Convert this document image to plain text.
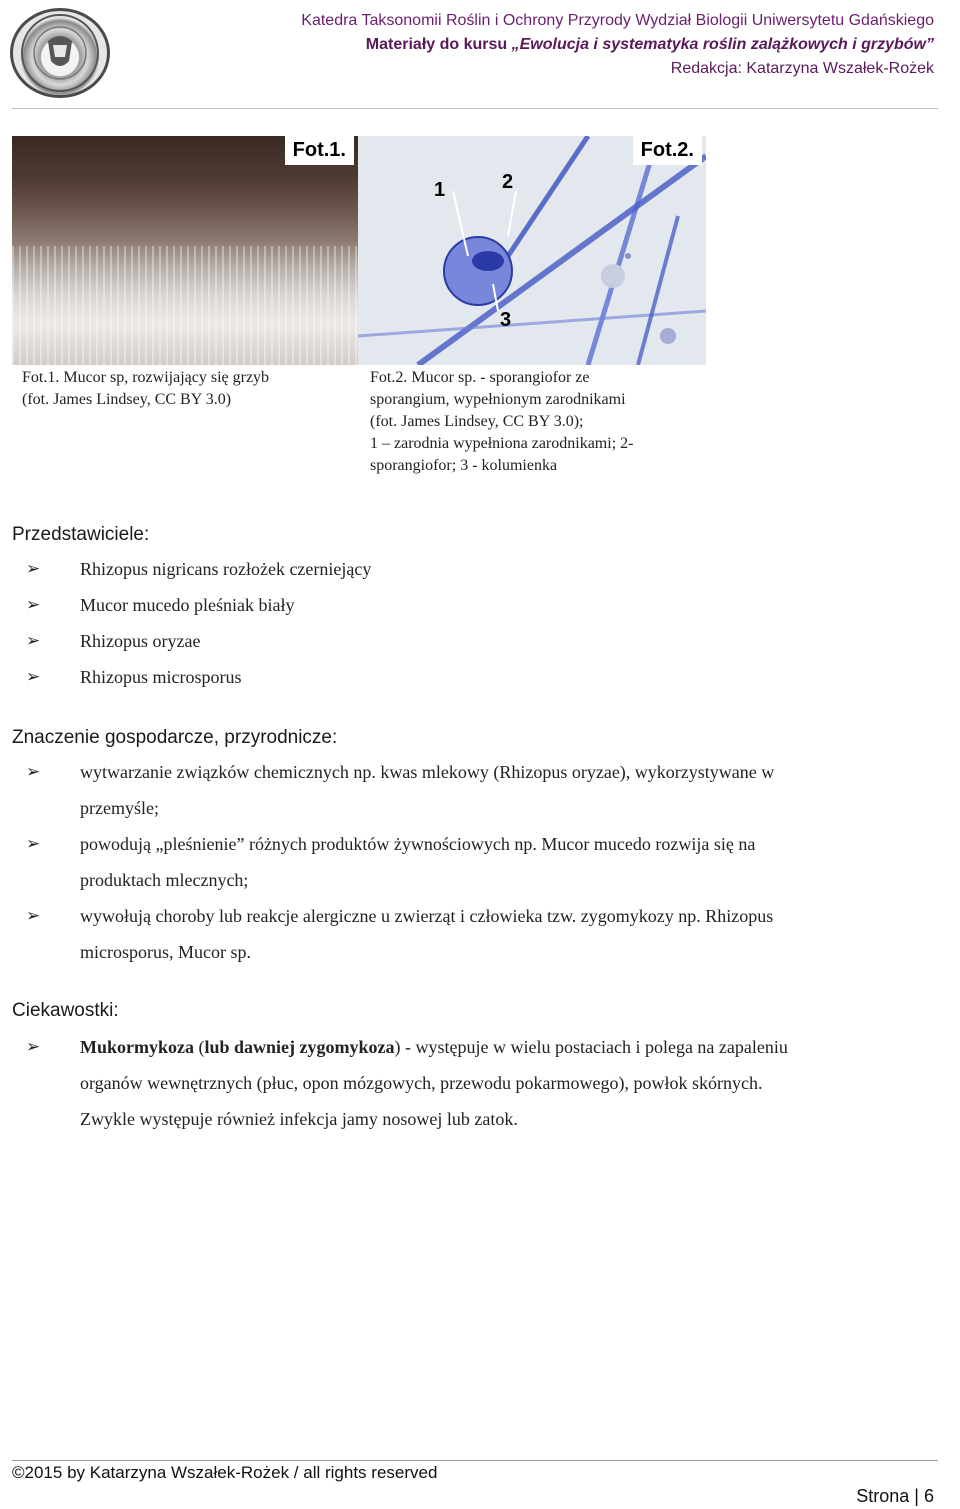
Katedra Taksonomii Roślin i Ochrony Przyrody Wydział Biologii Uniwersytetu Gdańskiego
Materiały do kursu „Ewolucja i systematyka roślin zalążkowych i grzybów”
Redakcja: Katarzyna Wszałek-Rożek
Fot.1.
1	2
3
Fot.2.
Fot.1. Mucor sp, rozwijający się grzyb
(fot. James Lindsey, CC BY 3.0)
Fot.2. Mucor sp. - sporangiofor ze
sporangium, wypełnionym zarodnikami
(fot. James Lindsey, CC BY 3.0);
1 – zarodnia wypełniona zarodnikami; 2-
sporangiofor; 3 - kolumienka
Przedstawiciele:
➢ Rhizopus nigricans rozłożek czerniejący
➢ Mucor mucedo pleśniak biały
➢ Rhizopus oryzae
➢ Rhizopus microsporus
Znaczenie gospodarcze, przyrodnicze:
➢ wytwarzanie związków chemicznych np. kwas mlekowy (Rhizopus oryzae), wykorzystywane w
przemyśle;
➢ powodują „pleśnienie” różnych produktów żywnościowych np. Mucor mucedo rozwija się na
produktach mlecznych;
➢ wywołują choroby lub reakcje alergiczne u zwierząt i człowieka tzw. zygomykozy np. Rhizopus
microsporus, Mucor sp.
Ciekawostki:
➢ Mukormykoza (lub dawniej zygomykoza) - występuje w wielu postaciach i polega na zapaleniu
organów wewnętrznych (płuc, opon mózgowych, przewodu pokarmowego), powłok skórnych.
Zwykle występuje również infekcja jamy nosowej lub zatok.
©2015 by Katarzyna Wszałek-Rożek / all rights reserved
Strona | 6
